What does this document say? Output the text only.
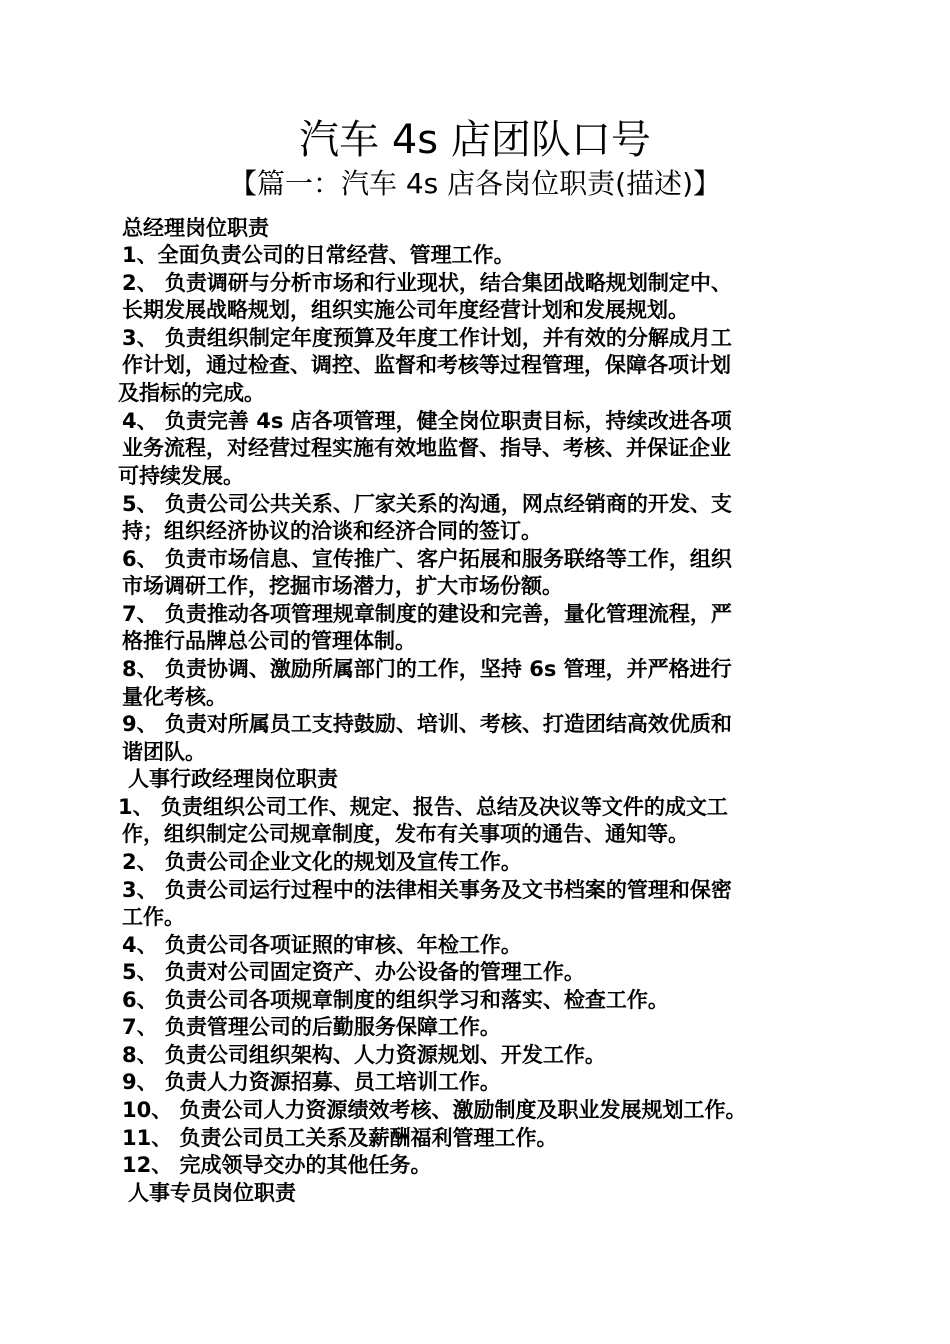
汽车 4s 店团队口号
【篇一：汽车 4s 店各岗位职责(描述)】

总经理岗位职责

1、全面负责公司的日常经营、管理工作。

2、 负责调研与分析市场和行业现状，结合集团战略规划制定中、

长期发展战略规划，组织实施公司年度经营计划和发展规划。

3、 负责组织制定年度预算及年度工作计划，并有效的分解成月工

作计划，通过检查、调控、监督和考核等过程管理，保障各项计划

及指标的完成。

4、 负责完善 4s 店各项管理，健全岗位职责目标，持续改进各项

业务流程，对经营过程实施有效地监督、指导、考核、并保证企业

可持续发展。

5、 负责公司公共关系、厂家关系的沟通，网点经销商的开发、支

持；组织经济协议的洽谈和经济合同的签订。

6、 负责市场信息、宣传推广、客户拓展和服务联络等工作，组织

市场调研工作，挖掘市场潜力，扩大市场份额。

7、 负责推动各项管理规章制度的建设和完善，量化管理流程，严

格推行品牌总公司的管理体制。

8、 负责协调、激励所属部门的工作，坚持 6s 管理，并严格进行

量化考核。

9、 负责对所属员工支持鼓励、培训、考核、打造团结高效优质和

谐团队。

人事行政经理岗位职责

1、 负责组织公司工作、规定、报告、总结及决议等文件的成文工

作，组织制定公司规章制度，发布有关事项的通告、通知等。

2、 负责公司企业文化的规划及宣传工作。

3、 负责公司运行过程中的法律相关事务及文书档案的管理和保密

工作。

4、 负责公司各项证照的审核、年检工作。

5、 负责对公司固定资产、办公设备的管理工作。

6、 负责公司各项规章制度的组织学习和落实、检查工作。

7、 负责管理公司的后勤服务保障工作。

8、 负责公司组织架构、人力资源规划、开发工作。

9、 负责人力资源招募、员工培训工作。

10、 负责公司人力资源绩效考核、激励制度及职业发展规划工作。

11、 负责公司员工关系及薪酬福利管理工作。

12、 完成领导交办的其他任务。

人事专员岗位职责
